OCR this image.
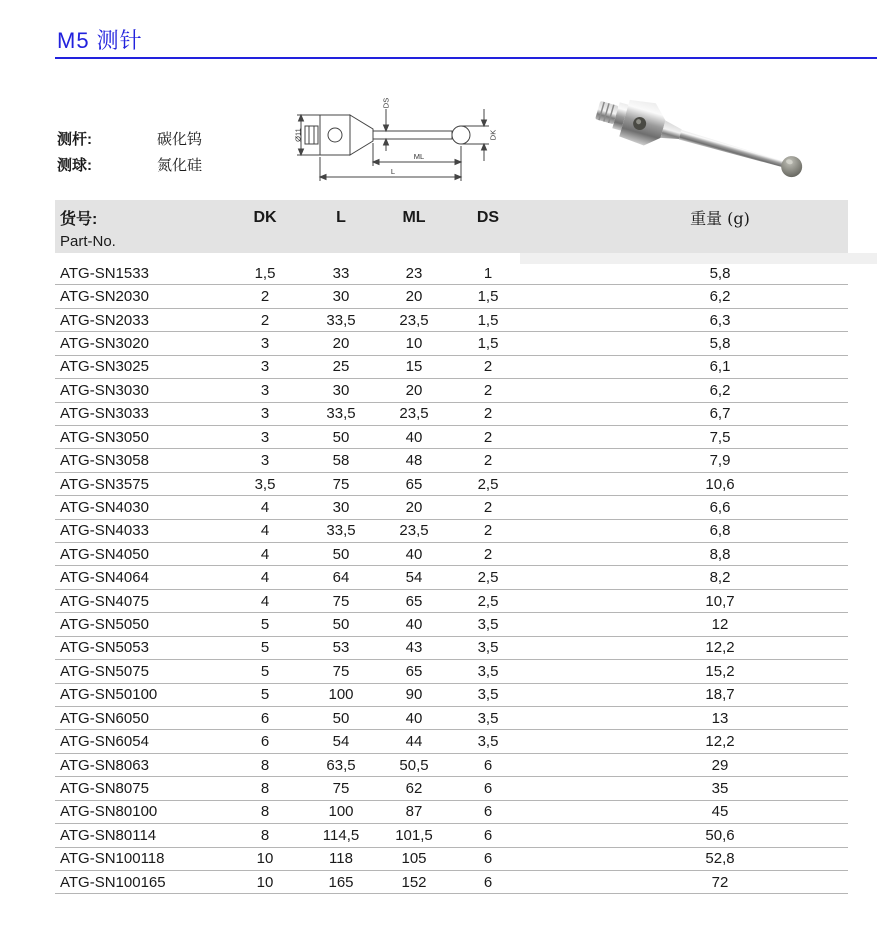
M5 测针
测杆:	碳化钨
测球:	氮化硅
Ø11
DS
DK
ML
L
货号:	DK	L	ML	DS	重量 (g)
Part-No.
ATG-SN1533	1,5	33	23	1	5,8
ATG-SN2030	2	30	20	1,5	6,2
ATG-SN2033	2	33,5	23,5	1,5	6,3
ATG-SN3020	3	20	10	1,5	5,8
ATG-SN3025	3	25	15	2	6,1
ATG-SN3030	3	30	20	2	6,2
ATG-SN3033	3	33,5	23,5	2	6,7
ATG-SN3050	3	50	40	2	7,5
ATG-SN3058	3	58	48	2	7,9
ATG-SN3575	3,5	75	65	2,5	10,6
ATG-SN4030	4	30	20	2	6,6
ATG-SN4033	4	33,5	23,5	2	6,8
ATG-SN4050	4	50	40	2	8,8
ATG-SN4064	4	64	54	2,5	8,2
ATG-SN4075	4	75	65	2,5	10,7
ATG-SN5050	5	50	40	3,5	12
ATG-SN5053	5	53	43	3,5	12,2
ATG-SN5075	5	75	65	3,5	15,2
ATG-SN50100	5	100	90	3,5	18,7
ATG-SN6050	6	50	40	3,5	13
ATG-SN6054	6	54	44	3,5	12,2
ATG-SN8063	8	63,5	50,5	6	29
ATG-SN8075	8	75	62	6	35
ATG-SN80100	8	100	87	6	45
ATG-SN80114	8	114,5	101,5	6	50,6
ATG-SN100118	10	118	105	6	52,8
ATG-SN100165	10	165	152	6	72
